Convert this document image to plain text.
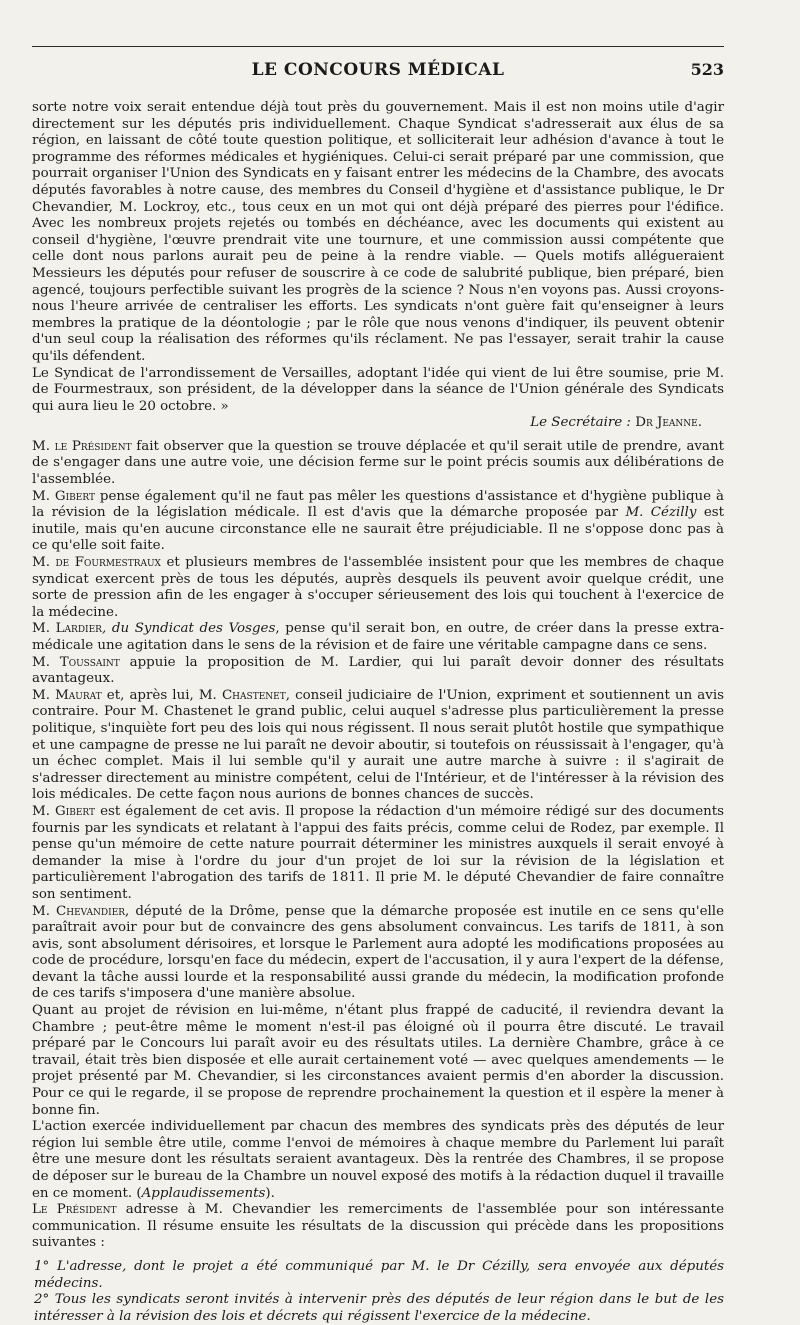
LE CONCOURS MÉDICAL	523

sorte notre voix serait entendue déjà tout près du gouvernement. Mais il est non moins utile d'agir directement sur les députés pris individuellement. Chaque Syndicat s'adresserait aux élus de sa région, en laissant de côté toute question politique, et solliciterait leur adhésion d'avance à tout le programme des réformes médicales et hygiéniques. Celui-ci serait préparé par une commission, que pourrait organiser l'Union des Syndicats en y faisant entrer les médecins de la Chambre, des avocats députés favorables à notre cause, des membres du Conseil d'hygiène et d'assistance publique, le Dr Chevandier, M. Lockroy, etc., tous ceux en un mot qui ont déjà préparé des pierres pour l'édifice. Avec les nombreux projets rejetés ou tombés en déchéance, avec les documents qui existent au conseil d'hygiène, l'œuvre prendrait vite une tournure, et une commission aussi compétente que celle dont nous parlons aurait peu de peine à la rendre viable. — Quels motifs allégueraient Messieurs les députés pour refuser de souscrire à ce code de salubrité publique, bien préparé, bien agencé, toujours perfectible suivant les progrès de la science ? Nous n'en voyons pas. Aussi croyons-nous l'heure arrivée de centraliser les efforts. Les syndicats n'ont guère fait qu'enseigner à leurs membres la pratique de la déontologie ; par le rôle que nous venons d'indiquer, ils peuvent obtenir d'un seul coup la réalisation des réformes qu'ils réclament. Ne pas l'essayer, serait trahir la cause qu'ils défendent.

Le Syndicat de l'arrondissement de Versailles, adoptant l'idée qui vient de lui être soumise, prie M. de Fourmestraux, son président, de la développer dans la séance de l'Union générale des Syndicats qui aura lieu le 20 octobre. »

Le Secrétaire : Dr Jeanne.

M. le Président fait observer que la question se trouve déplacée et qu'il serait utile de prendre, avant de s'engager dans une autre voie, une décision ferme sur le point précis soumis aux délibérations de l'assemblée.

M. Gibert pense également qu'il ne faut pas mêler les questions d'assistance et d'hygiène publique à la révision de la législation médicale. Il est d'avis que la démarche proposée par M. Cézilly est inutile, mais qu'en aucune circonstance elle ne saurait être préjudiciable. Il ne s'oppose donc pas à ce qu'elle soit faite.

M. de Fourmestraux et plusieurs membres de l'assemblée insistent pour que les membres de chaque syndicat exercent près de tous les députés, auprès desquels ils peuvent avoir quelque crédit, une sorte de pression afin de les engager à s'occuper sérieusement des lois qui touchent à l'exercice de la médecine.

M. Lardier, du Syndicat des Vosges, pense qu'il serait bon, en outre, de créer dans la presse extra-médicale une agitation dans le sens de la révision et de faire une véritable campagne dans ce sens.

M. Toussaint appuie la proposition de M. Lardier, qui lui paraît devoir donner des résultats avantageux.

M. Maurat et, après lui, M. Chastenet, conseil judiciaire de l'Union, expriment et soutiennent un avis contraire. Pour M. Chastenet le grand public, celui auquel s'adresse plus particulièrement la presse politique, s'inquiète fort peu des lois qui nous régissent. Il nous serait plutôt hostile que sympathique et une campagne de presse ne lui paraît ne devoir aboutir, si toutefois on réussissait à l'engager, qu'à un échec complet. Mais il lui semble qu'il y aurait une autre marche à suivre : il s'agirait de s'adresser directement au ministre compétent, celui de l'Intérieur, et de l'intéresser à la révision des lois médicales. De cette façon nous aurions de bonnes chances de succès.

M. Gibert est également de cet avis. Il propose la rédaction d'un mémoire rédigé sur des documents fournis par les syndicats et relatant à l'appui des faits précis, comme celui de Rodez, par exemple. Il pense qu'un mémoire de cette nature pourrait déterminer les ministres auxquels il serait envoyé à demander la mise à l'ordre du jour d'un projet de loi sur la révision de la législation et particulièrement l'abrogation des tarifs de 1811. Il prie M. le député Chevandier de faire connaître son sentiment.

M. Chevandier, député de la Drôme, pense que la démarche proposée est inutile en ce sens qu'elle paraîtrait avoir pour but de convaincre des gens absolument convaincus. Les tarifs de 1811, à son avis, sont absolument dérisoires, et lorsque le Parlement aura adopté les modifications proposées au code de procédure, lorsqu'en face du médecin, expert de l'accusation, il y aura l'expert de la défense, devant la tâche aussi lourde et la responsabilité aussi grande du médecin, la modification profonde de ces tarifs s'imposera d'une manière absolue.

Quant au projet de révision en lui-même, n'étant plus frappé de caducité, il reviendra devant la Chambre ; peut-être même le moment n'est-il pas éloigné où il pourra être discuté. Le travail préparé par le Concours lui paraît avoir eu des résultats utiles. La dernière Chambre, grâce à ce travail, était très bien disposée et elle aurait certainement voté — avec quelques amendements — le projet présenté par M. Chevandier, si les circonstances avaient permis d'en aborder la discussion. Pour ce qui le regarde, il se propose de reprendre prochainement la question et il espère la mener à bonne fin.

L'action exercée individuellement par chacun des membres des syndicats près des députés de leur région lui semble être utile, comme l'envoi de mémoires à chaque membre du Parlement lui paraît être une mesure dont les résultats seraient avantageux. Dès la rentrée des Chambres, il se propose de déposer sur le bureau de la Chambre un nouvel exposé des motifs à la rédaction duquel il travaille en ce moment. (Applaudissements).

Le Président adresse à M. Chevandier les remerciments de l'assemblée pour son intéressante communication. Il résume ensuite les résultats de la discussion qui précède dans les propositions suivantes :

1° L'adresse, dont le projet a été communiqué par M. le Dr Cézilly, sera envoyée aux députés médecins.

2° Tous les syndicats seront invités à intervenir près des députés de leur région dans le but de les intéresser à la révision des lois et décrets qui régissent l'exercice de la médecine.
